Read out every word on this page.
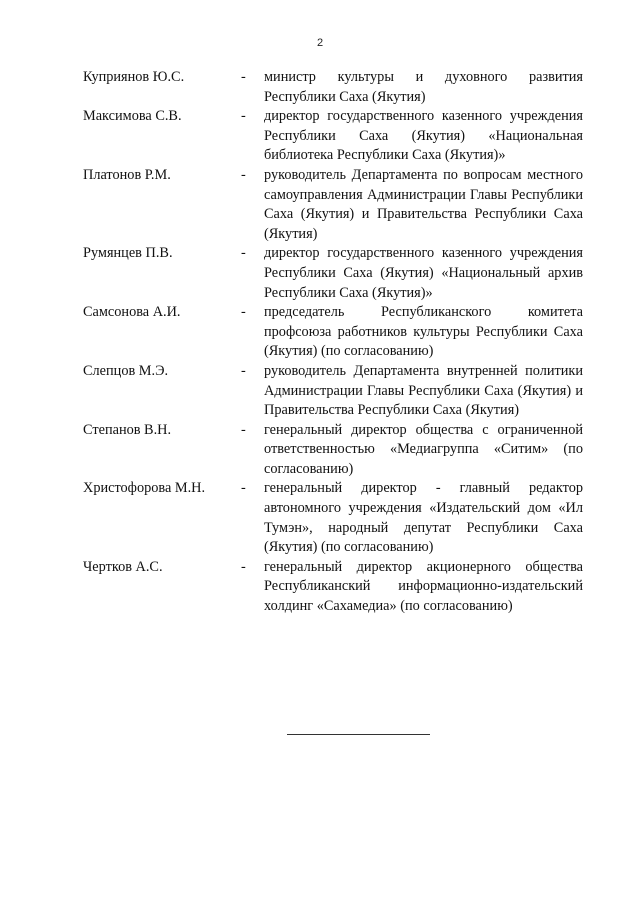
2
Куприянов Ю.С.	-	министр культуры и духовного развития Республики Саха (Якутия)
Максимова С.В.	-	директор государственного казенного учреждения Республики Саха (Якутия) «Национальная библиотека Республики Саха (Якутия)»
Платонов Р.М.	-	руководитель Департамента по вопросам местного самоуправления Администрации Главы Республики Саха (Якутия) и Правительства Республики Саха (Якутия)
Румянцев П.В.	-	директор государственного казенного учреждения Республики Саха (Якутия) «Национальный архив Республики Саха (Якутия)»
Самсонова А.И.	-	председатель Республиканского комитета профсоюза работников культуры Республики Саха (Якутия) (по согласованию)
Слепцов М.Э.	-	руководитель Департамента внутренней политики Администрации Главы Республики Саха (Якутия) и Правительства Республики Саха (Якутия)
Степанов В.Н.	-	генеральный директор общества с ограниченной ответственностью «Медиагруппа «Ситим» (по согласованию)
Христофорова М.Н.	-	генеральный директор - главный редактор автономного учреждения «Издательский дом «Ил Тумэн», народный депутат Республики Саха (Якутия) (по согласованию)
Чертков А.С.	-	генеральный директор акционерного общества Республиканский информационно-издательский холдинг «Сахамедиа» (по согласованию)
